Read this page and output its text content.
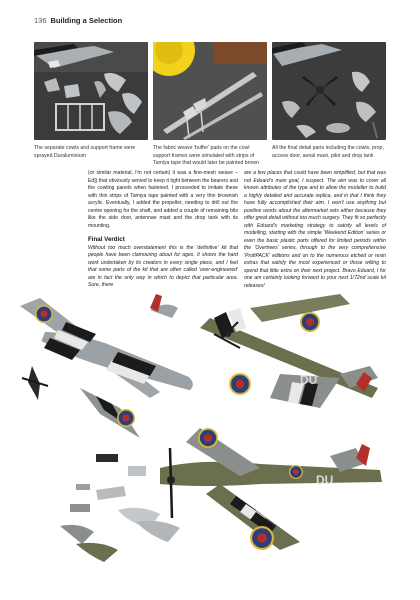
136 Building a Selection
The separate cowls and support frame were sprayed Duraluminium
The fabric weave 'buffer' pads on the cowl support frames were simulated with strips of Tamiya tape that would later be painted brown
All the final detail parts including the cowls, prop, access door, aerial mast, pilot and drop tank

(or similar material, I'm not certain) it was a fine-mesh weave – Ed]) that obviously served to keep it tight between the bearers and the cowling panels when fastened. I proceeded to imitate these with thin strips of Tamiya tape painted with a very thin brownish acrylic. Eventually, I added the propeller, needing to drill out the centre opening for the shaft, and added a couple of remaining bits like the side door, antennae mast and the drop tank with its mounting.

Final Verdict

Without too much overstatement this is the 'definitive' kit that people have been clamouring about for ages. It shows the hard work undertaken by its creators in every single piece, and I feel that some parts of the kit that are often called 'over-engineered' are in fact the only way in which to depict that particular area. Sure, there

are a few places that could have been simplified, but that was not Eduard's main goal, I suspect. The aim was to cover all known attributes of the type and to allow the modeller to build a highly detailed and accurate replica, and in that I think they have fully accomplished their aim. I won't use anything but positive words about the aftermarket sets either because they offer great detail without too much surgery. They fit so perfectly with Eduard's marketing strategy to satisfy all levels of modelling, starting with the simple 'Weekend Edition' series or even the basic plastic parts offered for limited periods within the 'Overtrees' series, through to the very comprehensive 'ProfiPACK' editions and on to the numerous etched or resin extras that satisfy the most experienced or those willing to spend that little extra on their next project. Bravo Eduard, I for one am certainly looking forward to your next 1/72nd scale kit releases!

DU
DU
